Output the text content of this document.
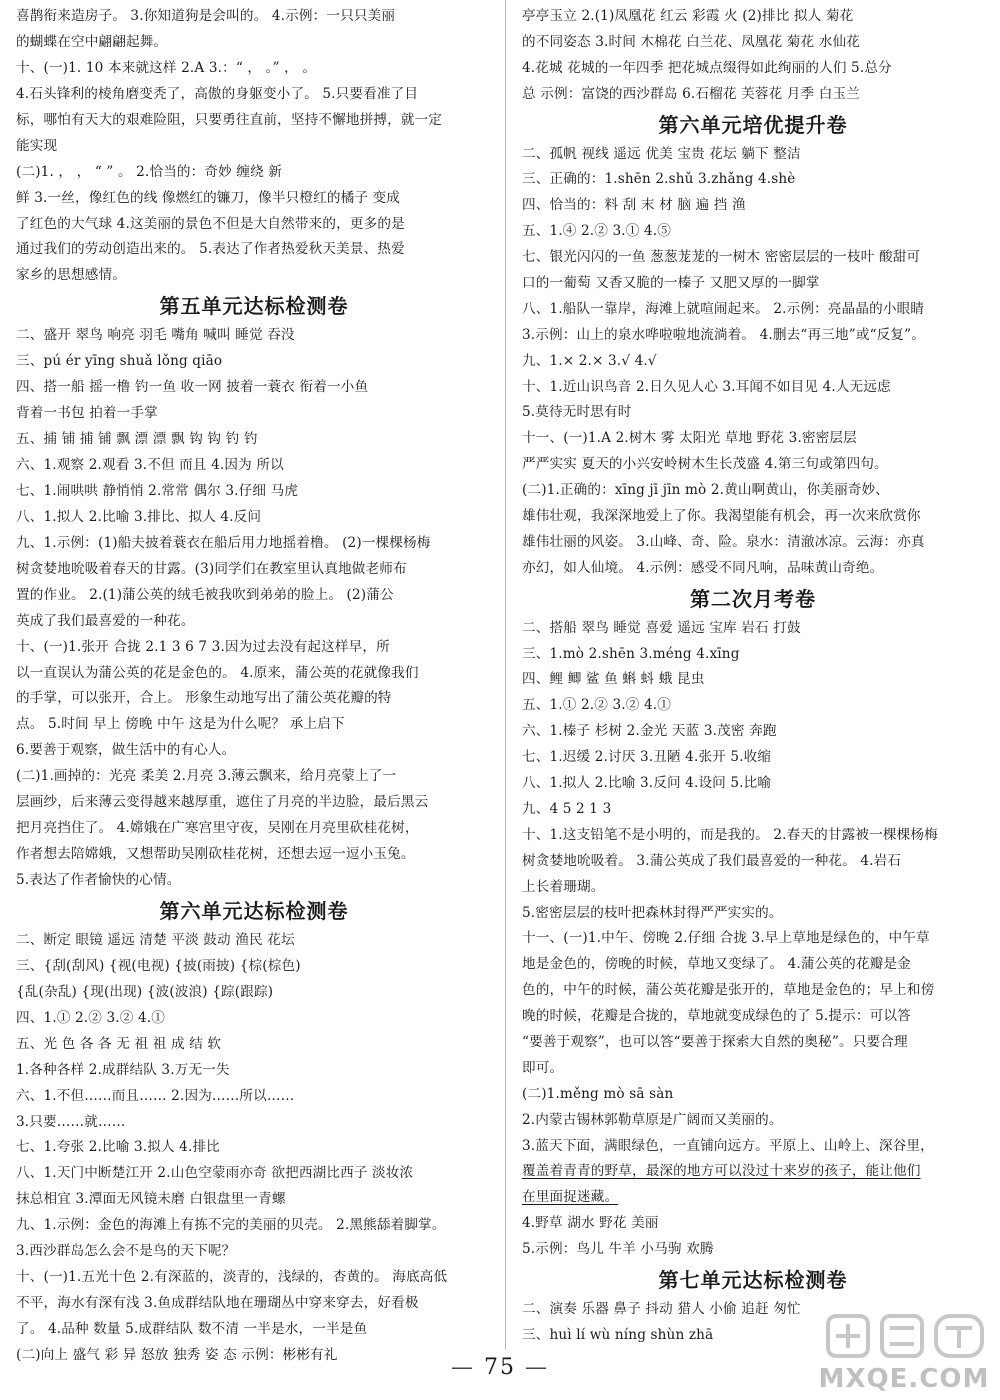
喜鹊衔来造房子。 3.你知道狗是会叫的。 4.示例：一只只美丽
的蝴蝶在空中翩翩起舞。
十、(一)1. 10 本来就这样 2.A 3.：“ ， 。” ， 。
4.石头锋利的棱角磨变秃了，高傲的身躯变小了。 5.只要看准了目
标，哪怕有天大的艰难险阻，只要勇往直前，坚持不懈地拼搏，就一定
能实现
(二)1. ， ， “ ” 。 2.恰当的：奇妙 缠绕 新
鲜 3.一丝，像红色的线 像燃红的镰刀，像半只橙红的橘子 变成
了红色的大气球 4.这美丽的景色不但是大自然带来的，更多的是
通过我们的劳动创造出来的。 5.表达了作者热爱秋天美景、热爱
家乡的思想感情。
第五单元达标检测卷
二、盛开 翠鸟 响亮 羽毛 嘴角 喊叫 睡觉 吞没
三、pú ér yīng shuǎ lǒng qiāo
四、搭一船 摇一橹 钓一鱼 收一网 披着一蓑衣 衔着一小鱼
背着一书包 拍着一手掌
五、捕 铺 捕 铺 飘 漂 漂 飘 钩 钩 钓 钓
六、1.观察 2.观看 3.不但 而且 4.因为 所以
七、1.闹哄哄 静悄悄 2.常常 偶尔 3.仔细 马虎
八、1.拟人 2.比喻 3.排比、拟人 4.反问
九、1.示例：(1)船夫披着蓑衣在船后用力地摇着橹。 (2)一棵棵杨梅
树贪婪地吮吸着春天的甘露。(3)同学们在教室里认真地做老师布
置的作业。 2.(1)蒲公英的绒毛被我吹到弟弟的脸上。 (2)蒲公
英成了我们最喜爱的一种花。
十、(一)1.张开 合拢 2.1 3 6 7 3.因为过去没有起这样早，所
以一直误认为蒲公英的花是金色的。 4.原来，蒲公英的花就像我们
的手掌，可以张开，合上。 形象生动地写出了蒲公英花瓣的特
点。 5.时间 早上 傍晚 中午 这是为什么呢？ 承上启下
6.要善于观察，做生活中的有心人。
(二)1.画掉的：光亮 柔美 2.月亮 3.薄云飘来，给月亮蒙上了一
层画纱，后来薄云变得越来越厚重，遮住了月亮的半边脸，最后黑云
把月亮挡住了。 4.嫦娥在广寒宫里守夜，吴刚在月亮里砍桂花树，
作者想去陪嫦娥，又想帮助吴刚砍桂花树，还想去逗一逗小玉兔。
5.表达了作者愉快的心情。
第六单元达标检测卷
二、断定 眼镜 遥远 清楚 平淡 鼓动 渔民 花坛
三、{刮(刮风) {视(电视) {披(雨披) {棕(棕色)
{乱(杂乱) {现(出现) {波(波浪) {踪(跟踪)
四、1.① 2.② 3.② 4.①
五、光 色 各 各 无 祖 祖 成 结 软
1.各种各样 2.成群结队 3.万无一失
六、1.不但……而且…… 2.因为……所以……
3.只要……就……
七、1.夸张 2.比喻 3.拟人 4.排比
八、1.天门中断楚江开 2.山色空蒙雨亦奇 欲把西湖比西子 淡妆浓
抹总相宜 3.潭面无风镜未磨 白银盘里一青螺
九、1.示例：金色的海滩上有拣不完的美丽的贝壳。 2.黑熊舔着脚掌。
3.西沙群岛怎么会不是鸟的天下呢？
十、(一)1.五光十色 2.有深蓝的，淡青的，浅绿的，杏黄的。 海底高低
不平，海水有深有浅 3.鱼成群结队地在珊瑚丛中穿来穿去，好看极
了。 4.品种 数量 5.成群结队 数不清 一半是水，一半是鱼
(二)向上 盛气 彩 异 怒放 独秀 姿 态 示例：彬彬有礼
亭亭玉立 2.(1)凤凰花 红云 彩霞 火 (2)排比 拟人 菊花
的不同姿态 3.时间 木棉花 白兰花、凤凰花 菊花 水仙花
4.花城 花城的一年四季 把花城点缀得如此绚丽的人们 5.总分
总 示例：富饶的西沙群岛 6.石榴花 芙蓉花 月季 白玉兰
第六单元培优提升卷
二、孤帆 视线 遥远 优美 宝贵 花坛 躺下 整洁
三、正确的：1.shēn 2.shǔ 3.zhǎng 4.shè
四、恰当的：料 刮 末 材 脑 遍 挡 渔
五、1.④ 2.② 3.① 4.⑤
七、银光闪闪的一鱼 葱葱茏茏的一树木 密密层层的一枝叶 酸甜可
口的一葡萄 又香又脆的一榛子 又肥又厚的一脚掌
八、1.船队一靠岸，海滩上就喧闹起来。 2.示例：亮晶晶的小眼睛
3.示例：山上的泉水哗啦啦地流淌着。 4.删去“再三地”或“反复”。
九、1.× 2.× 3.√ 4.√
十、1.近山识鸟音 2.日久见人心 3.耳闻不如目见 4.人无远虑
5.莫待无时思有时
十一、(一)1.A 2.树木 雾 太阳光 草地 野花 3.密密层层
严严实实 夏天的小兴安岭树木生长茂盛 4.第三句或第四句。
(二)1.正确的：xīng jī jīn mò 2.黄山啊黄山，你美丽奇妙、
雄伟壮观，我深深地爱上了你。我渴望能有机会，再一次来欣赏你
雄伟壮丽的风姿。 3.山峰、奇、险。泉水：清澈冰凉。云海：亦真
亦幻，如人仙境。 4.示例：感受不同凡响，品味黄山奇绝。
第二次月考卷
二、搭船 翠鸟 睡觉 喜爱 遥远 宝库 岩石 打鼓
三、1.mò 2.shēn 3.méng 4.xīng
四、鲤 鲫 鲨 鱼 蝌 蚪 蛾 昆虫
五、1.① 2.② 3.② 4.①
六、1.榛子 杉树 2.金光 天蓝 3.茂密 奔跑
七、1.迟缓 2.讨厌 3.丑陋 4.张开 5.收缩
八、1.拟人 2.比喻 3.反问 4.设问 5.比喻
九、4 5 2 1 3
十、1.这支铅笔不是小明的，而是我的。 2.春天的甘露被一棵棵杨梅
树贪婪地吮吸着。 3.蒲公英成了我们最喜爱的一种花。 4.岩石
上长着珊瑚。
5.密密层层的枝叶把森林封得严严实实的。
十一、(一)1.中午、傍晚 2.仔细 合拢 3.早上草地是绿色的，中午草
地是金色的，傍晚的时候，草地又变绿了。 4.蒲公英的花瓣是金
色的，中午的时候，蒲公英花瓣是张开的，草地是金色的；早上和傍
晚的时候，花瓣是合拢的，草地就变成绿色的了 5.提示：可以答
“要善于观察”，也可以答“要善于探索大自然的奥秘”。只要合理
即可。
(二)1.měng mò sā sàn
2.内蒙古锡林郭勒草原是广阔而又美丽的。
3.蓝天下面，满眼绿色，一直铺向远方。平原上、山岭上、深谷里，
覆盖着青青的野草，最深的地方可以没过十来岁的孩子，能让他们
在里面捉迷藏。
4.野草 湖水 野花 美丽
5.示例：鸟儿 牛羊 小马驹 欢腾
第七单元达标检测卷
二、演奏 乐器 鼻子 抖动 猎人 小偷 追赶 匆忙
三、huì lí wù níng shùn zhā
— 75 —	MXQE.COM
